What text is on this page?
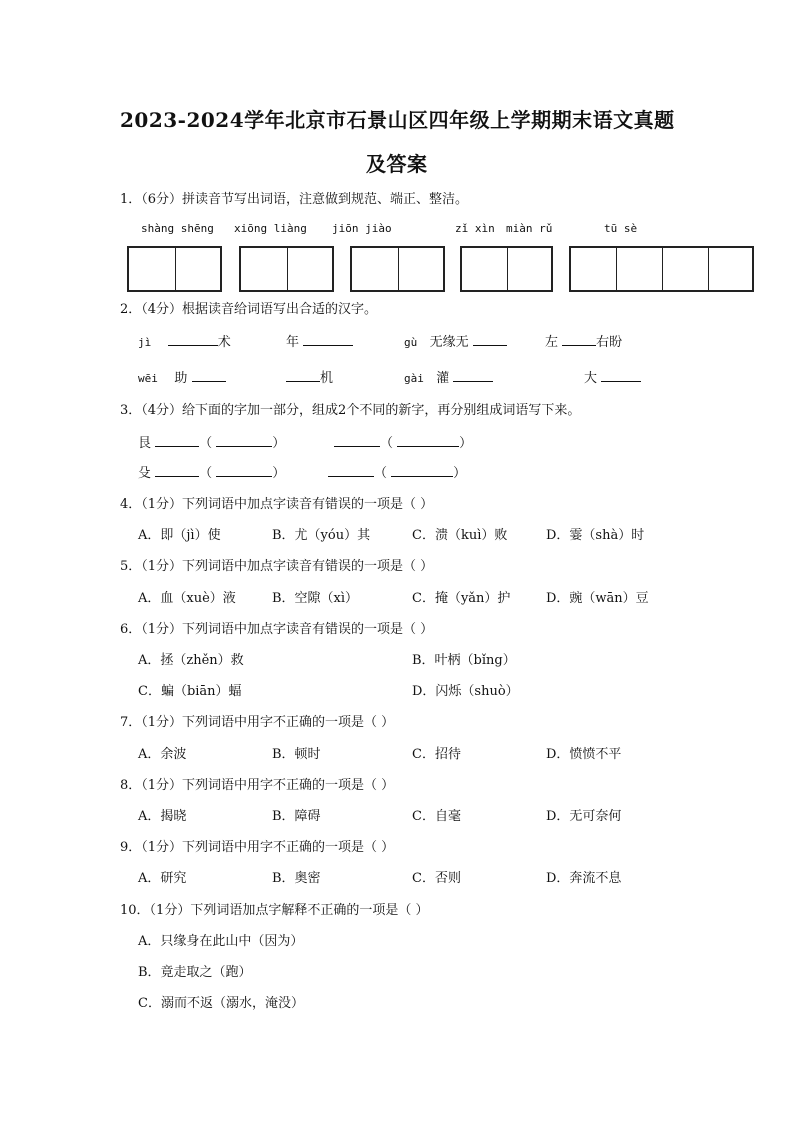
2023-2024学年北京市石景山区四年级上学期期末语文真题
及答案
1．（6分）拼读音节写出词语，注意做到规范、端正、整洁。
shàng shēng xiōng liàng jiōn jiào	zǐ xìn miàn rǔ	tū sè
2．（4分）根据读音给词语写出合适的汉字。
jì	术	年	gù 无缘无	左	右盼
wēi 助	机	gài 灌	大
3．（4分）给下面的字加一部分，组成2个不同的新字，再分别组成词语写下来。
艮	（	）	（	）
殳	（	）	（	）
4．（1分）下列词语中加点字读音有错误的一项是（ ）
A．即（jì）使	B．尤（yóu）其	C．溃（kuì）败	D．霎（shà）时
5．（1分）下列词语中加点字读音有错误的一项是（ ）
A．血（xuè）液	B．空隙（xì）	C．掩（yǎn）护	D．豌（wān）豆
6．（1分）下列词语中加点字读音有错误的一项是（ ）
A．拯（zhěn）救	B．叶柄（bǐng）
C．蝙（biān）蝠	D．闪烁（shuò）
7．（1分）下列词语中用字不正确的一项是（ ）
A．余波	B．顿时	C．招待	D．愤愤不平
8．（1分）下列词语中用字不正确的一项是（ ）
A．揭晓	B．障碍	C．自毫	D．无可奈何
9．（1分）下列词语中用字不正确的一项是（ ）
A．研究	B．奥密	C．否则	D．奔流不息
10．（1分）下列词语加点字解释不正确的一项是（ ）
A．只缘身在此山中（因为）
B．竟走取之（跑）
C．溺而不返（溺水，淹没）
